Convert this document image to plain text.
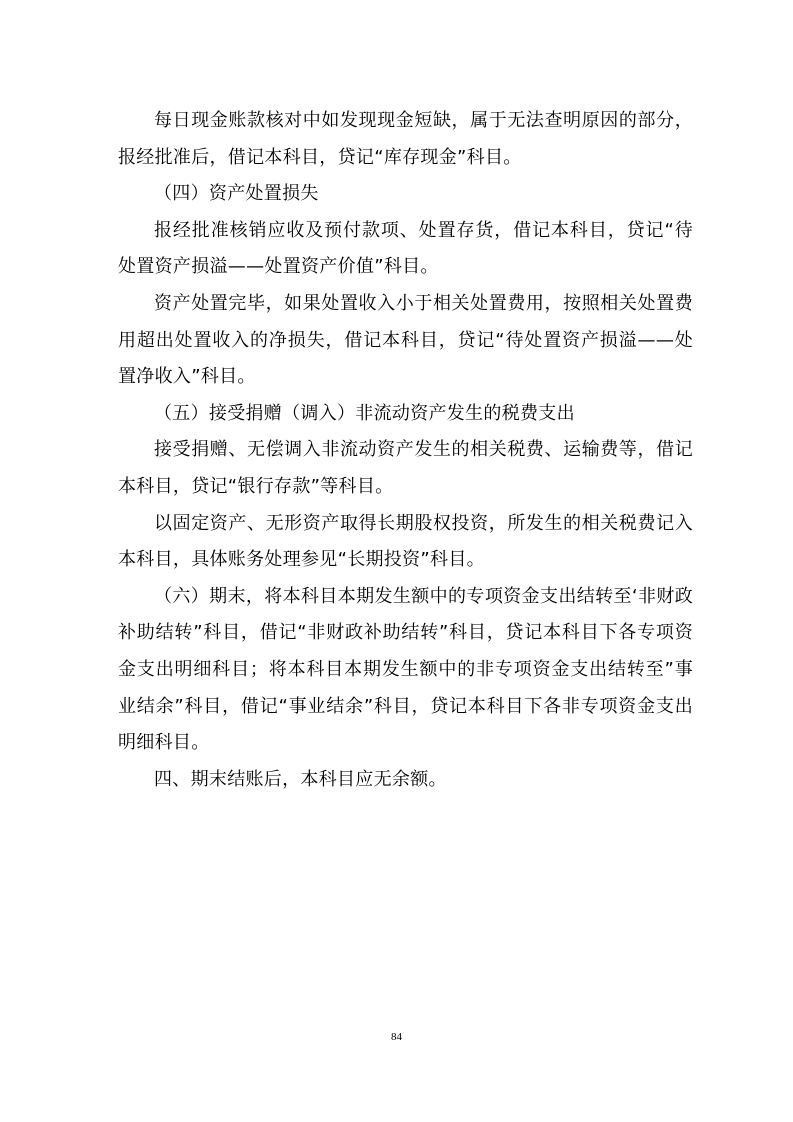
每日现金账款核对中如发现现金短缺，属于无法查明原因的部分，报经批准后，借记本科目，贷记“库存现金”科目。

（四）资产处置损失

报经批准核销应收及预付款项、处置存货，借记本科目，贷记“待处置资产损溢——处置资产价值”科目。

资产处置完毕，如果处置收入小于相关处置费用，按照相关处置费用超出处置收入的净损失，借记本科目，贷记“待处置资产损溢——处置净收入”科目。

（五）接受捐赠（调入）非流动资产发生的税费支出

接受捐赠、无偿调入非流动资产发生的相关税费、运输费等，借记本科目，贷记“银行存款”等科目。

以固定资产、无形资产取得长期股权投资，所发生的相关税费记入本科目，具体账务处理参见“长期投资”科目。

（六）期末，将本科目本期发生额中的专项资金支出结转至‘非财政补助结转”科目，借记“非财政补助结转”科目，贷记本科目下各专项资金支出明细科目；将本科目本期发生额中的非专项资金支出结转至”事业结余”科目，借记“事业结余”科目，贷记本科目下各非专项资金支出明细科目。

四、期末结账后，本科目应无余额。

84
